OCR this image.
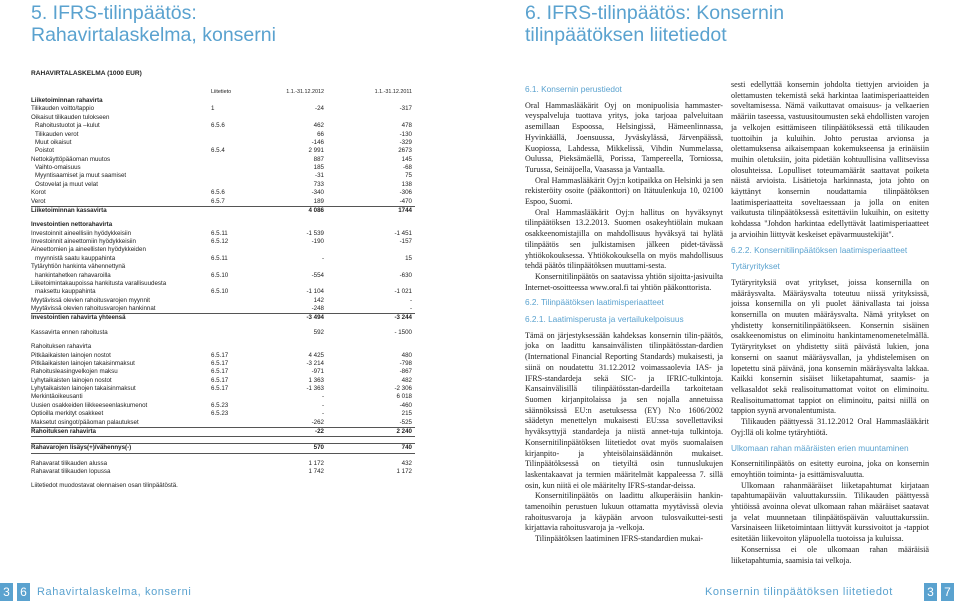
5. IFRS-tilinpäätös:
Rahavirtalaskelma, konserni
RAHAVIRTALASKELMA (1000 EUR)
Liitetieto	1.1.-31.12.2012	1.1.-31.12.2011
Liiketoiminnan rahavirta
Tilikauden voitto/tappio	1	-24	-317
Oikaisut tilikauden tulokseen
Rahoitustuotot ja –kulut	6.5.6	462	478
Tilikauden verot	66	-130
Muut oikaisut	-146	-329
Poistot	6.5.4	2 991	2673
Nettokäyttöpääoman muutos	887	145
Vaihto-omaisuus	185	-68
Myyntisaamiset ja muut saamiset	-31	75
Ostovelat ja muut velat	733	138
Korot	6.5.6	-340	-306
Verot	6.5.7	189	-470
Liiketoiminnan kassavirta	4 086	1744
Investointien nettorahavirta
Investoinnit aineellisiin hyödykkeisiin	6.5.11	-1 539	-1 451
Investoinnit aineettomiin hyödykkeisiin	6.5.12	-190	-157
Aineettomien ja aineellisten hyödykkeiden
myynnistä saatu kauppahinta	6.5.11	-	15
Tytäryhtiön hankinta vähennettynä
hankintahetken rahavaroilla	6.5.10	-554	-630
Liiketoimintakaupoissa hankitusta varallisuudesta
maksettu kauppahinta	6.5.10	-1 104	-1 021
Myytävissä olevien rahoitusvarojen myynnit	142	-
Myytävissä olevien rahoitusvarojen hankinnat	-248	-
Investointien rahavirta yhteensä	-3 494	-3 244
Kassavirta ennen rahoitusta	592	- 1500
Rahoituksen rahavirta
Pitkäaikaisten lainojen nostot	6.5.17	4 425	480
Pitkäaikaisten lainojen takaisinmaksut	6.5.17	-3 214	-798
Rahoitusleasingvelkojen maksu	6.5.17	-971	-867
Lyhytaikaisten lainojen nostot	6.5.17	1 363	482
Lyhytaikaisten lainojen takaisinmaksut	6.5.17	-1 363	-2 306
Merkintäoikeusanti	-	6 018
Uusien osakkeiden liikkeeseenlaskumenot	6.5.23	-	-460
Optioilla merkityt osakkeet	6.5.23	-	215
Maksetut osingot/pääoman palautukset	-262	-525
Rahoituksen rahavirta	-22	2 240
Rahavarojen lisäys(+)/vähennys(-)	570	740
Rahavarat tilikauden alussa	1 172	432
Rahavarat tilikauden lopussa	1 742	1 172
Liitetiedot muodostavat olennaisen osan tilinpäätöstä.
3 6 Rahavirtalaskelma, konserni
6. IFRS-tilinpäätös: Konsernin
tilinpäätöksen liitetiedot
6.1. Konsernin perustiedot

Oral Hammaslääkärit Oyj on monipuolisia hammaster-veyspalveluja tuottava yritys, joka tarjoaa palveluitaan asemillaan Espoossa, Helsingissä, Hämeenlinnassa, Hyvinkäällä, Joensuussa, Jyväskylässä, Järvenpäässä, Kuopiossa, Lahdessa, Mikkelissä, Vihdin Nummelassa, Oulussa, Pieksämäellä, Porissa, Tampereella, Torniossa, Turussa, Seinäjoella, Vaasassa ja Vantaalla.

Oral Hammaslääkärit Oyj:n kotipaikka on Helsinki ja sen rekisteröity osoite (pääkonttori) on Itätuulenkuja 10, 02100 Espoo, Suomi.

Oral Hammaslääkärit Oyj:n hallitus on hyväksynyt tilinpäätöksen 13.2.2013. Suomen osakeyhtiölain mukaan osakkeenomistajilla on mahdollisuus hyväksyä tai hylätä tilinpäätös sen julkistamisen jälkeen pidet-tävässä yhtiökokouksessa. Yhtiökokouksella on myös mahdollisuus tehdä päätös tilinpäätöksen muuttami-sesta.

Konsernitilinpäätös on saatavissa yhtiön sijoitta-jasivuilta Internet-osoitteessa www.oral.fi tai yhtiön pääkonttorista.

6.2. Tilinpäätöksen laatimisperiaatteet
6.2.1. Laatimisperusta ja vertailukelpoisuus

Tämä on järjestyksessään kahdeksas konsernin tilin-päätös, joka on laadittu kansainvälisten tilinpäätösstan-dardien (International Financial Reporting Standards) mukaisesti, ja siinä on noudatettu 31.12.2012 voimassaolevia IAS- ja IFRS-standardeja sekä SIC- ja IFRIC-tulkintoja. Kansainvälisillä tilinpäätösstan-dardeilla tarkoitetaan Suomen kirjanpitolaissa ja sen nojalla annetuissa säännöksissä EU:n asetuksessa (EY) N:o 1606/2002 säädetyn menettelyn mukaisesti EU:ssa sovellettaviksi hyväksyttyjä standardeja ja niistä annet-tuja tulkintoja. Konsernitilinpäätöksen liitetiedot ovat myös suomalaisen kirjanpito- ja yhteisölainsäädännön mukaiset. Tilinpäätöksessä on tietyiltä osin tunnuslukujen laskentakaavat ja termien määritelmät kappaleessa 7. sillä osin, kun niitä ei ole määritelty IFRS-standar-deissa.

Konsernitilinpäätös on laadittu alkuperäisiin hankin-tamenoihin perustuen lukuun ottamatta myytävissä olevia rahoitusvaroja ja käypään arvoon tulosvaikuttei-sesti kirjattavia rahoitusvaroja ja -velkoja.

Tilinpäätöksen laatiminen IFRS-standardien mukai-

sesti edellyttää konsernin johdolta tiettyjen arvioiden ja olettamusten tekemistä sekä harkintaa laatimisperiaatteiden soveltamisessa. Nämä vaikuttavat omaisuus- ja velkaerien määriin taseessa, vastuusitoumusten sekä ehdollisten varojen ja velkojen esittämiseen tilinpäätöksessä että tilikauden tuottoihin ja kuluihin. Johto perustaa arvionsa ja olettamuksensa aikaisempaan kokemukseensa ja erinäisiin muihin oletuksiin, joita pidetään kohtuullisina vallitsevissa olosuhteissa. Lopulliset toteumamäärät saattavat poiketa näistä arvioista. Lisätietoja harkinnasta, jota johto on käyttänyt konsernin noudattamia tilinpäätöksen laatimisperiaatteita soveltaessaan ja jolla on eniten vaikutusta tilinpäätöksessä esitettäviin lukuihin, on esitetty kohdassa "Johdon harkintaa edellyttävät laatimisperiaatteet ja arvioihin liittyvät keskeiset epävarmuustekijät".

6.2.2. Konsernitilinpäätöksen laatimisperiaatteet
Tytäryritykset

Tytäryrityksiä ovat yritykset, joissa konsernilla on määräysvalta. Määräysvalta toteutuu niissä yrityksissä, joissa konsernilla on yli puolet äänivallasta tai joissa konsernilla on muuten määräysvalta. Nämä yritykset on yhdistetty konsernitilinpäätökseen. Konsernin sisäinen osakkeenomistus on eliminoitu hankintamenomenetelmällä. Tytäryritykset on yhdistetty siitä päivästä lukien, jona konserni on saanut määräysvallan, ja yhdistelemisen on lopetettu sinä päivänä, jona konsernin määräysvalta lakkaa. Kaikki konsernin sisäiset liiketapahtumat, saamis- ja velkasaldot sekä realisoitumattomat voitot on eliminoitu. Realisoitumattomat tappiot on eliminoitu, paitsi niillä on tappion syynä arvonalentumista.

Tilikauden päättyessä 31.12.2012 Oral Hammaslääkärit Oyj:llä oli kolme tytäryhtiötä.

Ulkomaan rahan määräisten erien muuntaminen

Konsernitilinpäätös on esitetty euroina, joka on konsernin emoyhtiön toiminta- ja esittämisvaluutta.

Ulkomaan rahanmääräiset liiketapahtumat kirjataan tapahtumapäivän valuuttakurssiin. Tilikauden päättyessä yhtiöissä avoinna olevat ulkomaan rahan määräiset saatavat ja velat muunnetaan tilinpäätöspäivän valuuttakurssiin. Varsinaiseen liiketoimintaan liittyvät kurssivoitot ja -tappiot esitetään liikevoiton yläpuolella tuotoissa ja kuluissa.

Konsernissa ei ole ulkomaan rahan määräisiä liiketapahtumia, saamisia tai velkoja.

Konsernin tilinpäätöksen liitetiedot	3 7
